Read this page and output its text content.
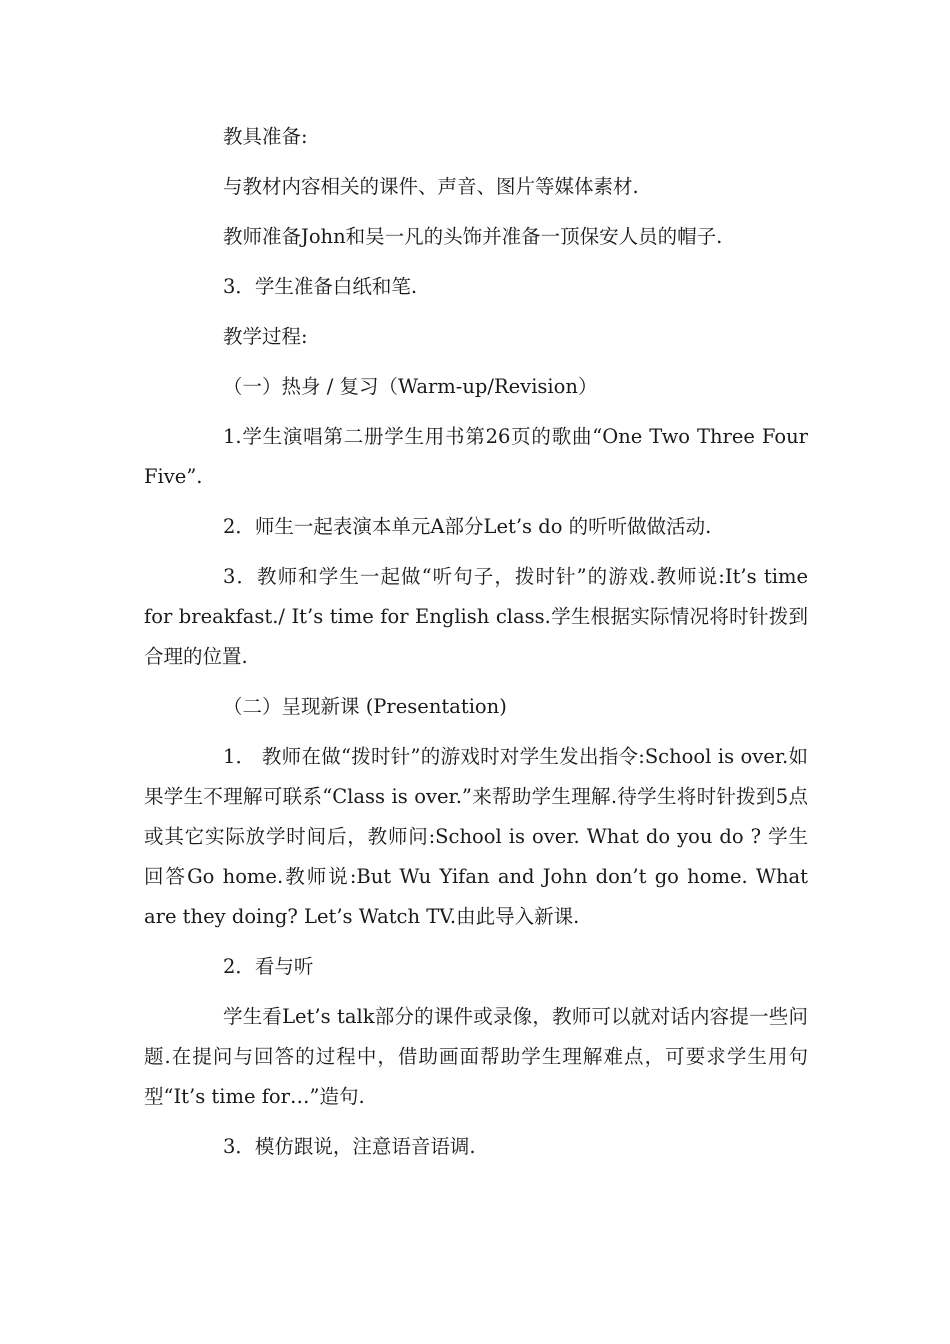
教具准备:

与教材内容相关的课件、声音、图片等媒体素材.

教师准备John和吴一凡的头饰并准备一顶保安人员的帽子.

3．学生准备白纸和笔.

教学过程:

（一）热身 / 复习（Warm-up/Revision）

1.学生演唱第二册学生用书第26页的歌曲“One Two Three Four Five”.

2．师生一起表演本单元A部分Let’s do 的听听做做活动.

3．教师和学生一起做“听句子，拨时针”的游戏.教师说:It’s time for breakfast./ It’s time for English class.学生根据实际情况将时针拨到合理的位置.

（二）呈现新课 (Presentation)

1． 教师在做“拨时针”的游戏时对学生发出指令:School is over.如果学生不理解可联系“Class is over.”来帮助学生理解.待学生将时针拨到5点或其它实际放学时间后，教师问:School is over. What do you do ? 学生回答Go home.教师说:But Wu Yifan and John don’t go home. What are they doing? Let’s Watch TV.由此导入新课.

2．看与听

学生看Let’s talk部分的课件或录像，教师可以就对话内容提一些问题.在提问与回答的过程中，借助画面帮助学生理解难点，可要求学生用句型“It’s time for…”造句.

3．模仿跟说，注意语音语调.
